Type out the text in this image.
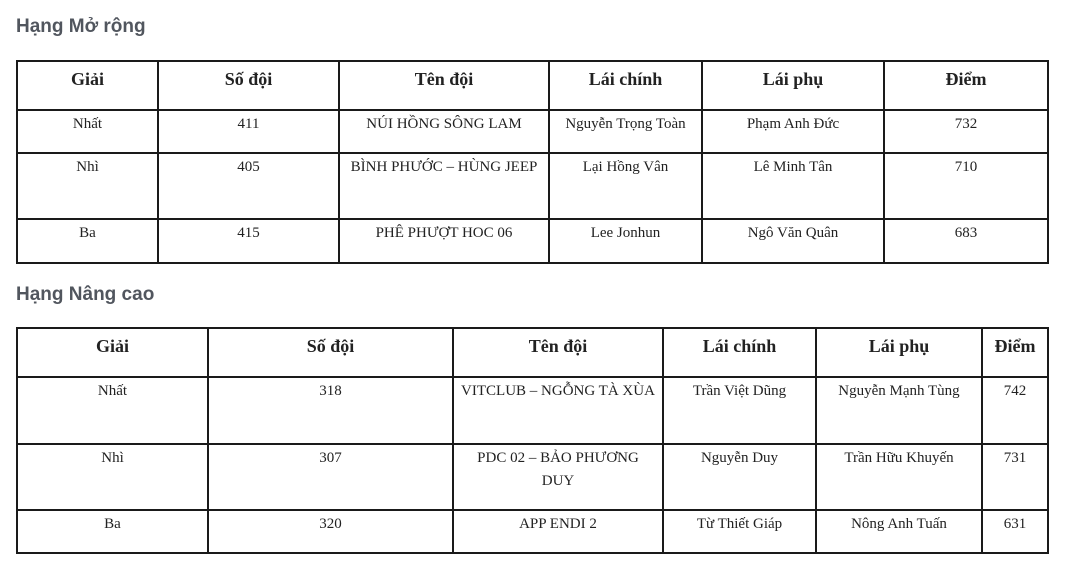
Hạng Mở rộng
Giải	Số đội	Tên đội	Lái chính	Lái phụ	Điểm
Nhất	411	NÚI HỒNG SÔNG LAM	Nguyễn Trọng Toàn	Phạm Anh Đức	732
Nhì	405	BÌNH PHƯỚC – HÙNG JEEP	Lại Hồng Vân	Lê Minh Tân	710
Ba	415	PHÊ PHƯỢT HOC 06	Lee Jonhun	Ngô Văn Quân	683
Hạng Nâng cao
Giải	Số đội	Tên đội	Lái chính	Lái phụ	Điểm
Nhất	318	VITCLUB – NGỖNG TÀ XÙA	Trần Việt Dũng	Nguyễn Mạnh Tùng	742
Nhì	307	PDC 02 – BẢO PHƯƠNG DUY	Nguyễn Duy	Trần Hữu Khuyến	731
Ba	320	APP ENDI 2	Từ Thiết Giáp	Nông Anh Tuấn	631
